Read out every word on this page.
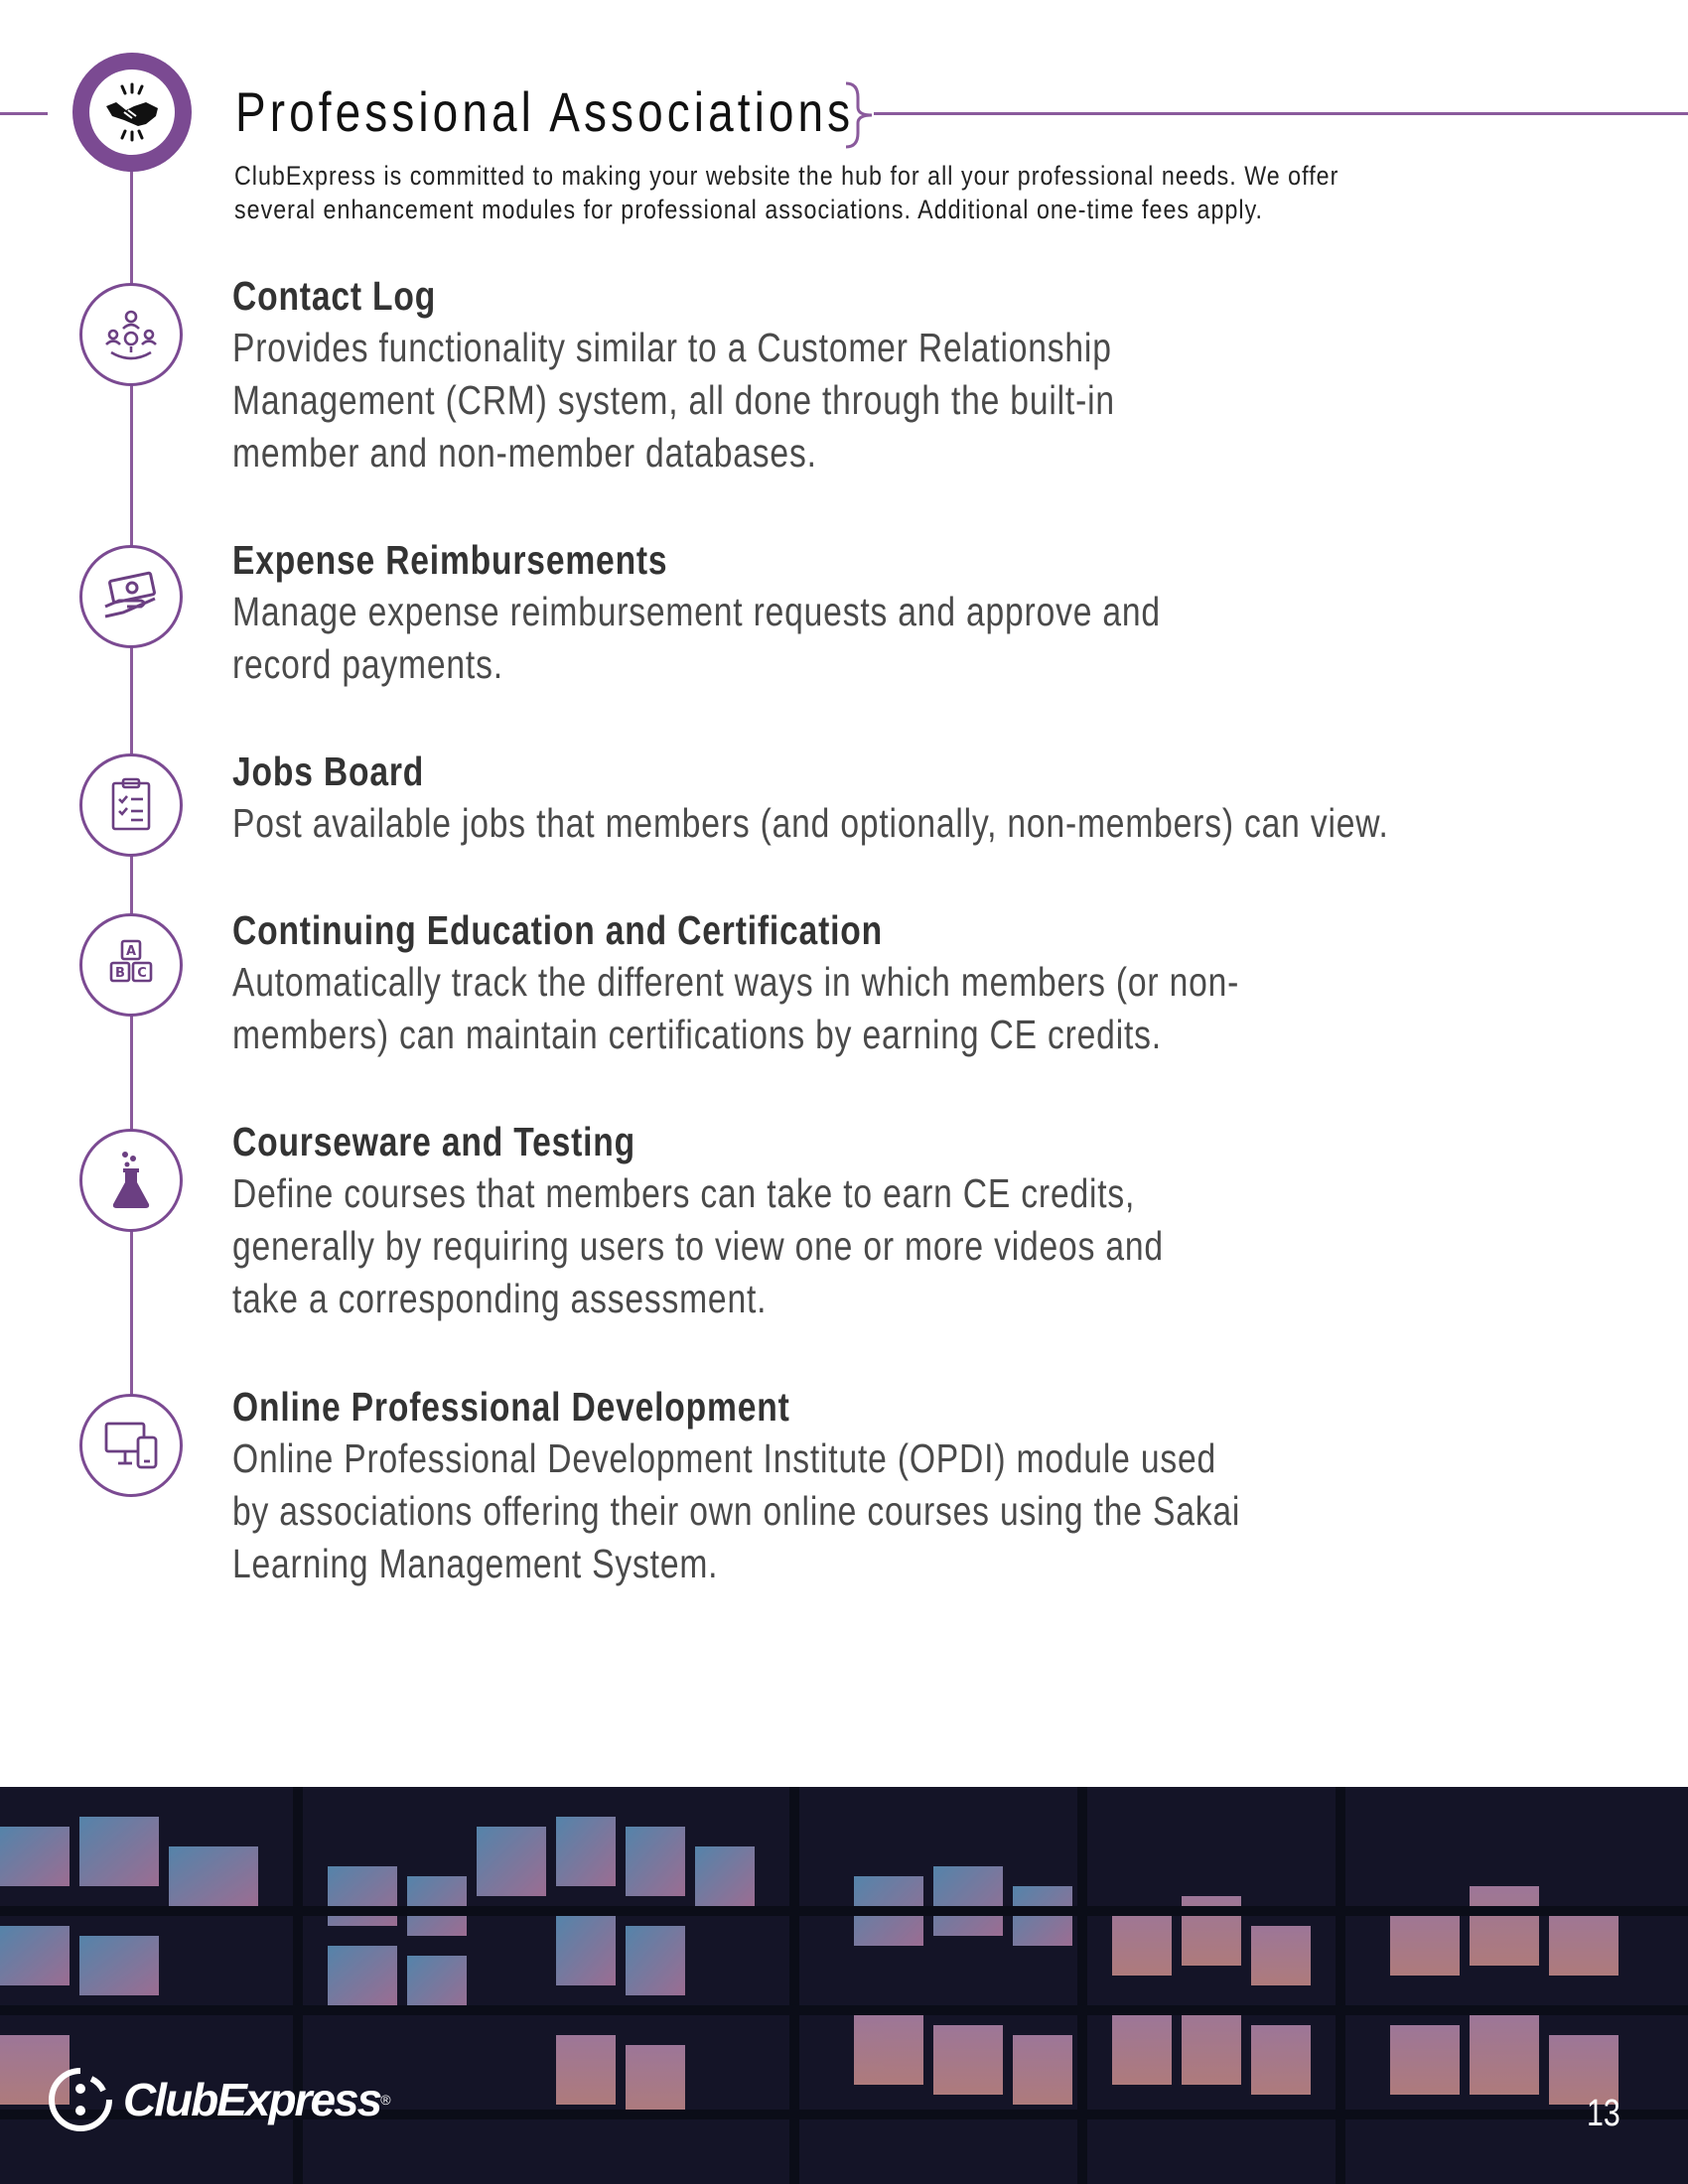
Professional Associations

ClubExpress is committed to making your website the hub for all your professional needs. We offer

several enhancement modules for professional associations. Additional one-time fees apply.

Contact Log

Provides functionality similar to a Customer Relationship Management (CRM) system, all done through the built-in member and non-member databases.

Expense Reimbursements

Manage expense reimbursement requests and approve and record payments.

Jobs Board

Post available jobs that members (and optionally, non-members) can view.

A
B C
Continuing Education and Certification

Automatically track the different ways in which members (or non-members) can maintain certifications by earning CE credits.

Courseware and Testing

Define courses that members can take to earn CE credits, generally by requiring users to view one or more videos and take a corresponding assessment.

Online Professional Development

Online Professional Development Institute (OPDI) module used by associations offering their own online courses using the Sakai Learning Management System.

ClubExpress ®	13
